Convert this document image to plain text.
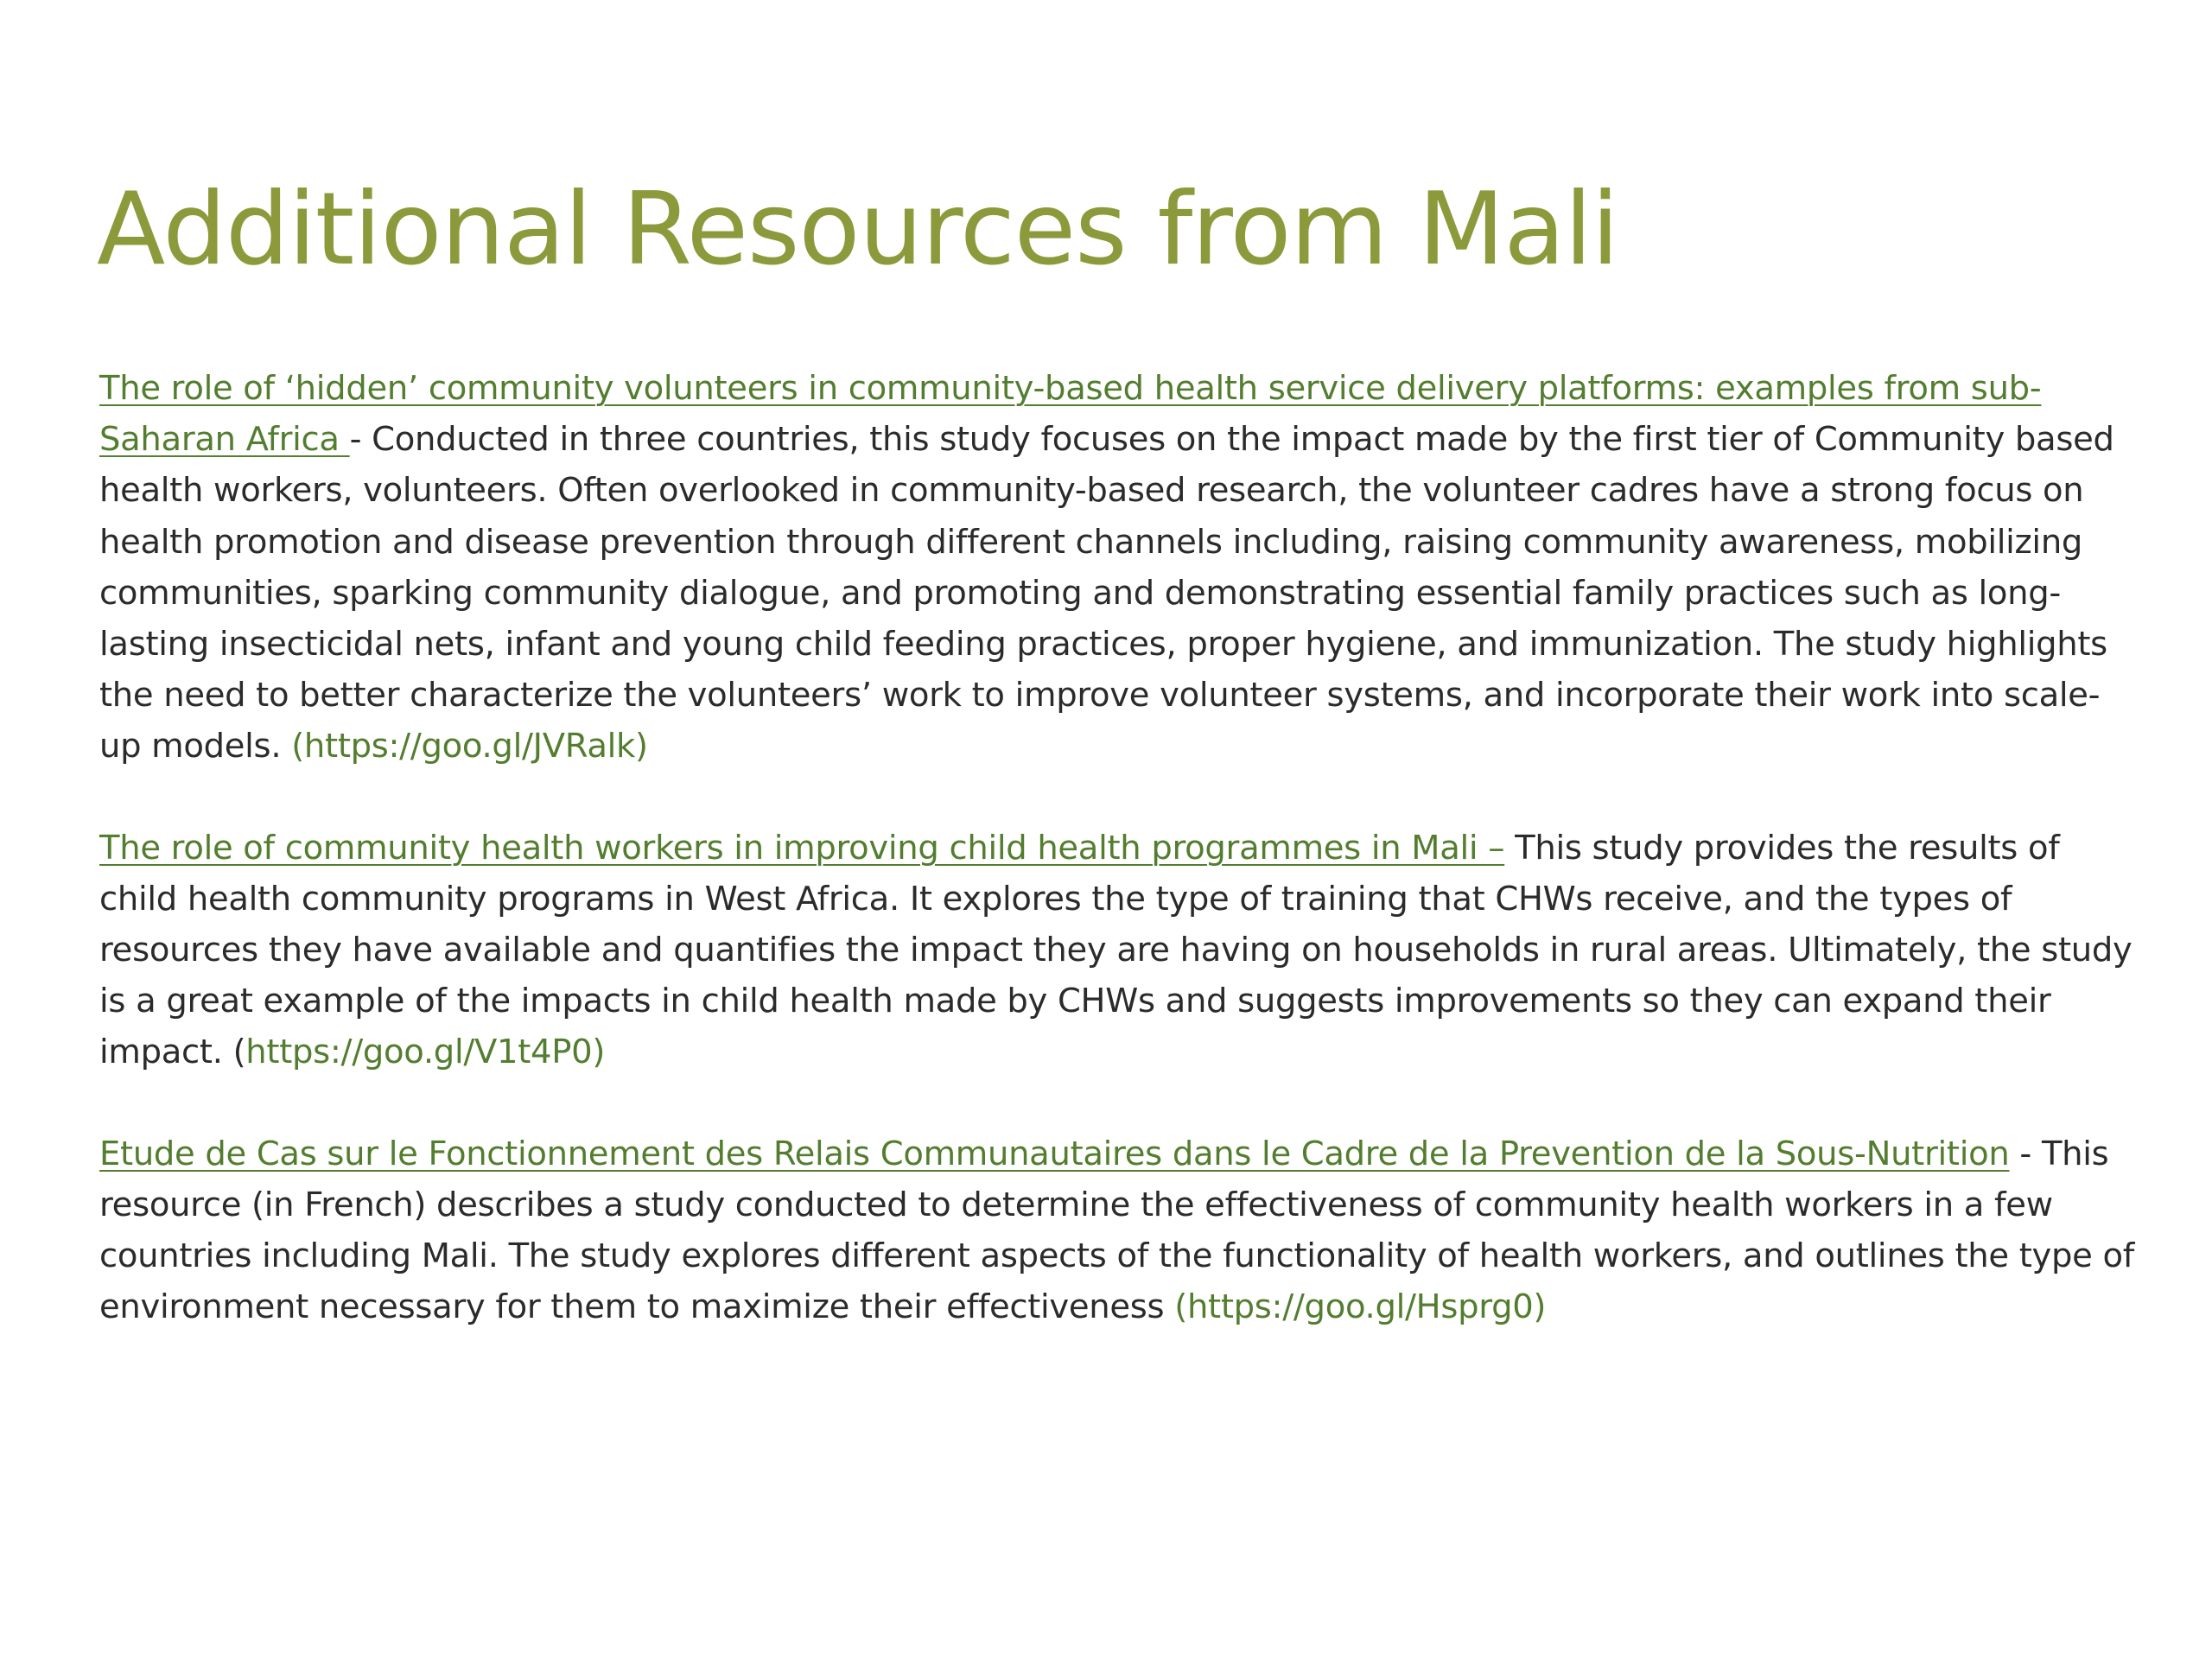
Additional Resources from Mali

The role of ‘hidden’ community volunteers in community-based health service delivery platforms: examples from sub-Saharan Africa - Conducted in three countries, this study focuses on the impact made by the first tier of Community based health workers, volunteers. Often overlooked in community-based research, the volunteer cadres have a strong focus on health promotion and disease prevention through different channels including, raising community awareness, mobilizing communities, sparking community dialogue, and promoting and demonstrating essential family practices such as long-lasting insecticidal nets, infant and young child feeding practices, proper hygiene, and immunization. The study highlights the need to better characterize the volunteers’ work to improve volunteer systems, and incorporate their work into scale-up models. (https://goo.gl/JVRalk)

The role of community health workers in improving child health programmes in Mali – This study provides the results of child health community programs in West Africa. It explores the type of training that CHWs receive, and the types of resources they have available and quantifies the impact they are having on households in rural areas. Ultimately, the study is a great example of the impacts in child health made by CHWs and suggests improvements so they can expand their impact. (https://goo.gl/V1t4P0)

Etude de Cas sur le Fonctionnement des Relais Communautaires dans le Cadre de la Prevention de la Sous-Nutrition - This resource (in French) describes a study conducted to determine the effectiveness of community health workers in a few countries including Mali. The study explores different aspects of the functionality of health workers, and outlines the type of environment necessary for them to maximize their effectiveness (https://goo.gl/Hsprg0)
